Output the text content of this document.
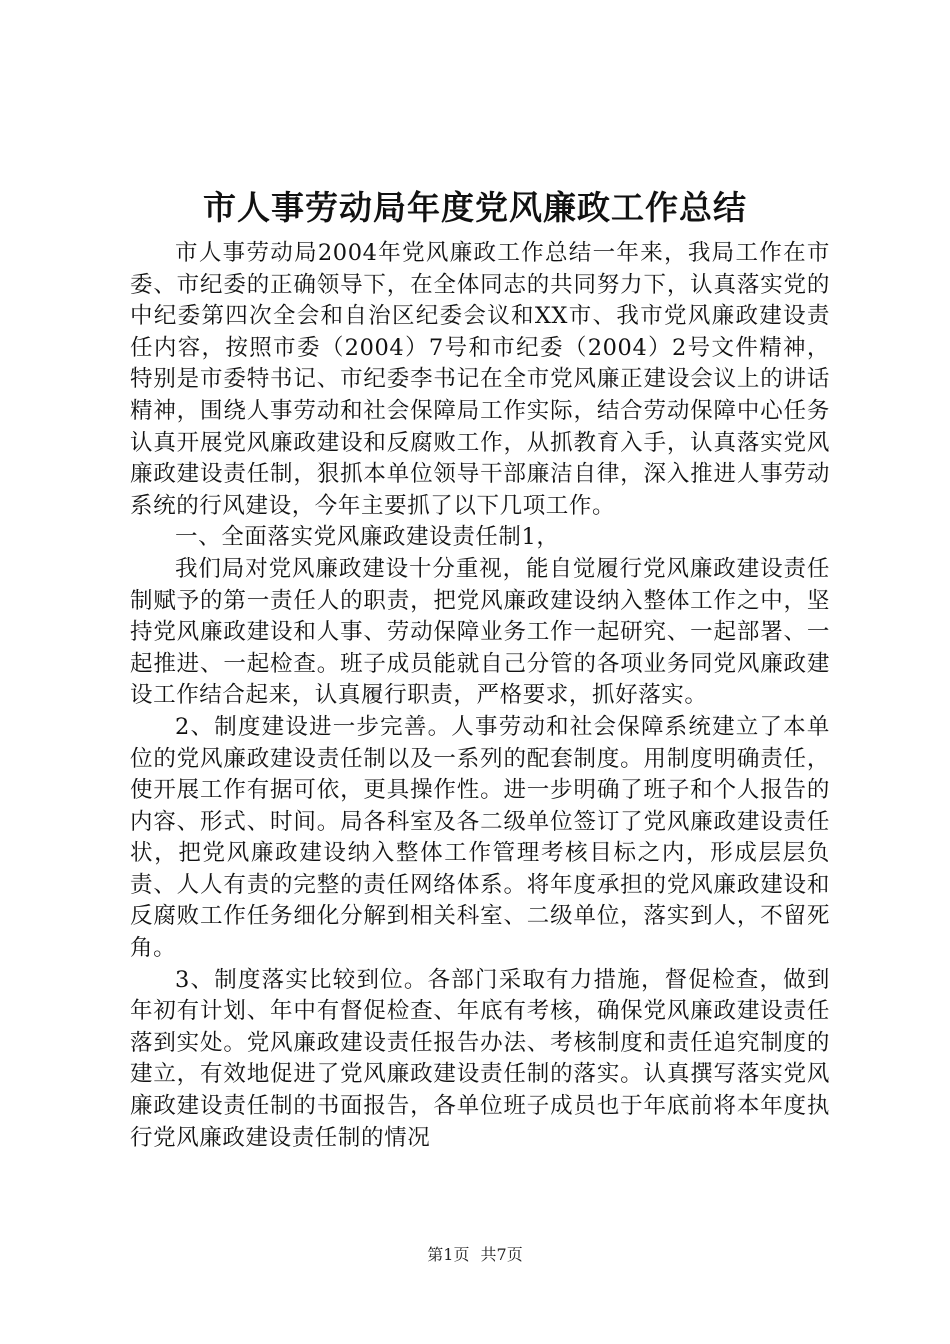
市人事劳动局年度党风廉政工作总结

市人事劳动局2004年党风廉政工作总结一年来，我局工作在市委、市纪委的正确领导下，在全体同志的共同努力下，认真落实党的中纪委第四次全会和自治区纪委会议和XX市、我市党风廉政建设责任内容，按照市委（2004）7号和市纪委（2004）2号文件精神，特别是市委特书记、市纪委李书记在全市党风廉正建设会议上的讲话精神，围绕人事劳动和社会保障局工作实际，结合劳动保障中心任务认真开展党风廉政建设和反腐败工作，从抓教育入手，认真落实党风廉政建设责任制，狠抓本单位领导干部廉洁自律，深入推进人事劳动系统的行风建设，今年主要抓了以下几项工作。

一、全面落实党风廉政建设责任制1，

我们局对党风廉政建设十分重视，能自觉履行党风廉政建设责任制赋予的第一责任人的职责，把党风廉政建设纳入整体工作之中，坚持党风廉政建设和人事、劳动保障业务工作一起研究、一起部署、一起推进、一起检查。班子成员能就自己分管的各项业务同党风廉政建设工作结合起来，认真履行职责，严格要求，抓好落实。

2、制度建设进一步完善。人事劳动和社会保障系统建立了本单位的党风廉政建设责任制以及一系列的配套制度。用制度明确责任，使开展工作有据可依，更具操作性。进一步明确了班子和个人报告的内容、形式、时间。局各科室及各二级单位签订了党风廉政建设责任状，把党风廉政建设纳入整体工作管理考核目标之内，形成层层负责、人人有责的完整的责任网络体系。将年度承担的党风廉政建设和反腐败工作任务细化分解到相关科室、二级单位，落实到人，不留死角。

3、制度落实比较到位。各部门采取有力措施，督促检查，做到年初有计划、年中有督促检查、年底有考核，确保党风廉政建设责任落到实处。党风廉政建设责任报告办法、考核制度和责任追究制度的建立，有效地促进了党风廉政建设责任制的落实。认真撰写落实党风廉政建设责任制的书面报告，各单位班子成员也于年底前将本年度执行党风廉政建设责任制的情况

第1页 共7页
